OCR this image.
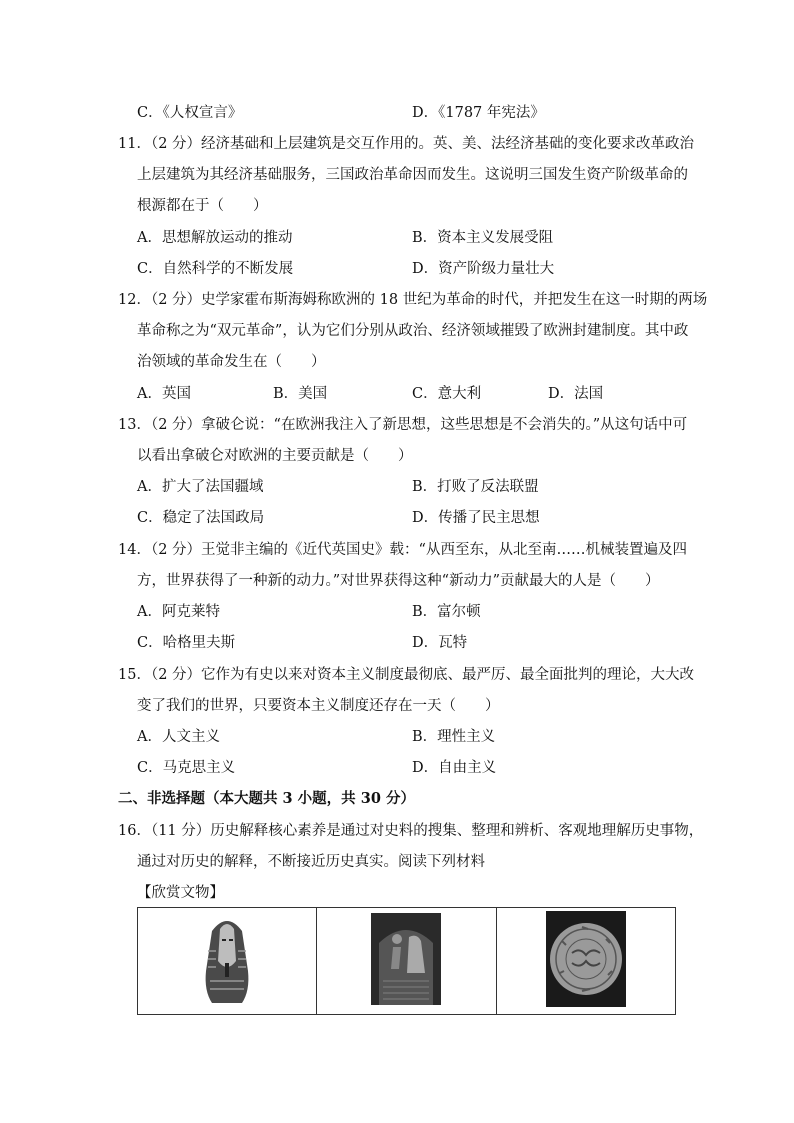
C．《人权宣言》	D．《1787 年宪法》
11．（2 分）经济基础和上层建筑是交互作用的。英、美、法经济基础的变化要求改革政治
上层建筑为其经济基础服务，三国政治革命因而发生。这说明三国发生资产阶级革命的
根源都在于（　　）
A．思想解放运动的推动	B．资本主义发展受阻
C．自然科学的不断发展	D．资产阶级力量壮大
12．（2 分）史学家霍布斯海姆称欧洲的 18 世纪为革命的时代，并把发生在这一时期的两场
革命称之为“双元革命”，认为它们分别从政治、经济领域摧毁了欧洲封建制度。其中政
治领域的革命发生在（　　）
A．英国	B．美国	C．意大利	D．法国
13．（2 分）拿破仑说：“在欧洲我注入了新思想，这些思想是不会消失的。”从这句话中可
以看出拿破仑对欧洲的主要贡献是（　　）
A．扩大了法国疆域	B．打败了反法联盟
C．稳定了法国政局	D．传播了民主思想
14．（2 分）王觉非主编的《近代英国史》载：“从西至东，从北至南……机械装置遍及四
方，世界获得了一种新的动力。”对世界获得这种“新动力”贡献最大的人是（　　）
A．阿克莱特	B．富尔顿
C．哈格里夫斯	D．瓦特
15．（2 分）它作为有史以来对资本主义制度最彻底、最严厉、最全面批判的理论，大大改
变了我们的世界，只要资本主义制度还存在一天（　　）
A．人文主义	B．理性主义
C．马克思主义	D．自由主义
二、非选择题（本大题共 3 小题，共 30 分）
16．（11 分）历史解释核心素养是通过对史料的搜集、整理和辨析、客观地理解历史事物，
通过对历史的解释，不断接近历史真实。阅读下列材料
【欣赏文物】
